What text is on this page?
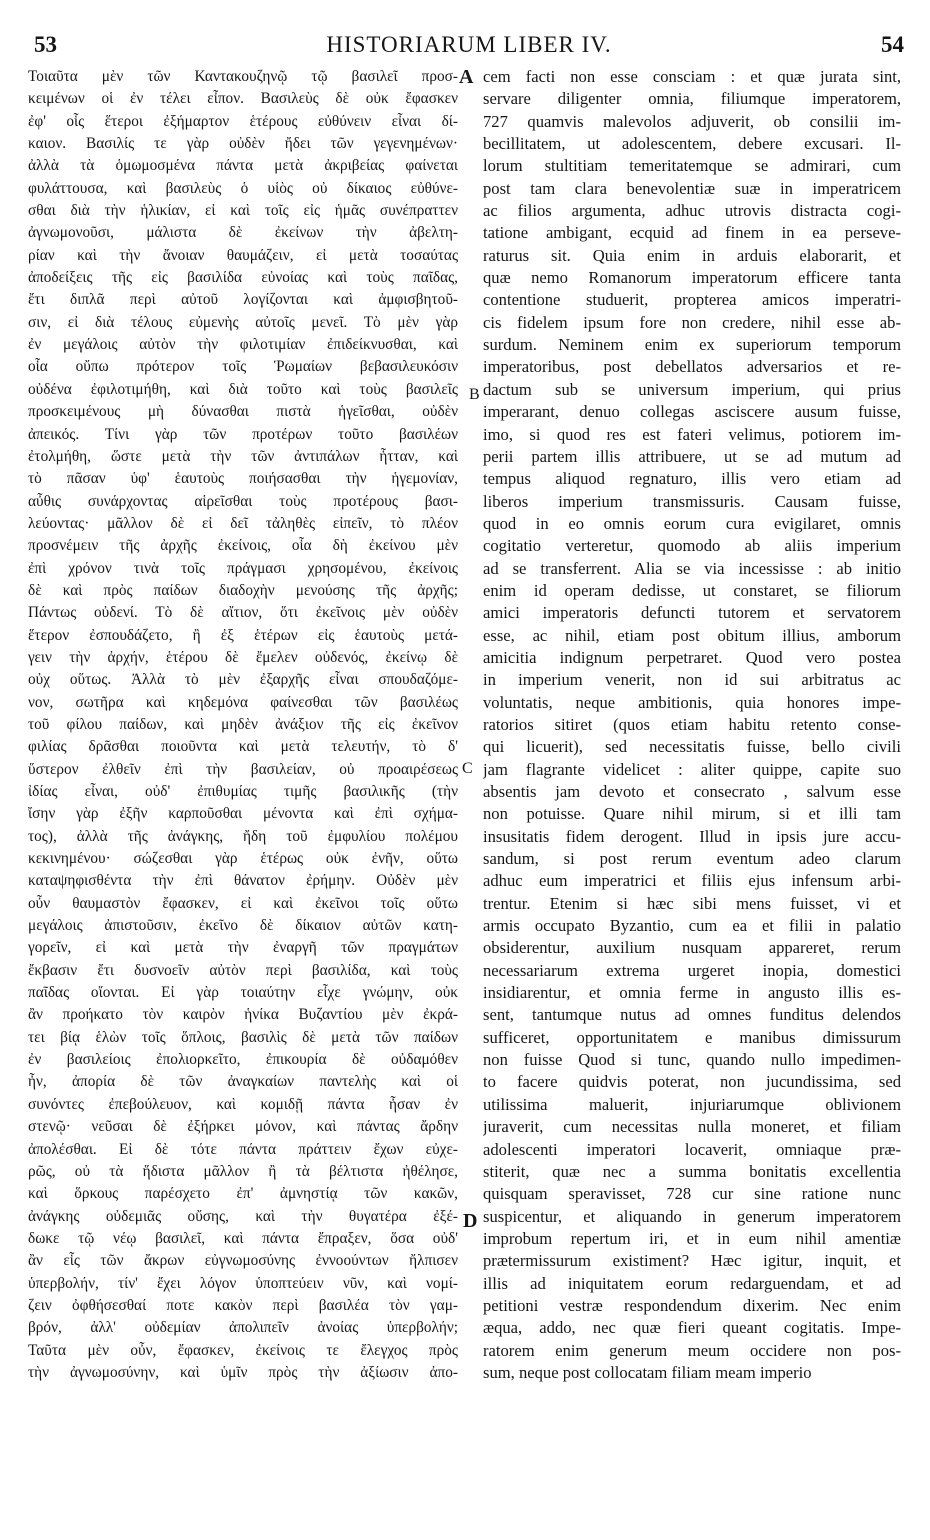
53	HISTORIARUM LIBER IV.	54
Τοιαῦτα μὲν τῶν Καντακουζηνῷ τῷ βασιλεῖ προσ-
κειμένων οἱ ἐν τέλει εἶπον. Βασιλεὺς δὲ οὐκ ἔφασκεν
ἐφ' οἷς ἕτεροι ἐξήμαρτον ἑτέρους εὐθύνειν εἶναι δί-
καιον. Βασιλίς τε γὰρ οὐδὲν ἤδει τῶν γεγενημένων·
ἀλλὰ τὰ ὁμωμοσμένα πάντα μετὰ ἀκριβείας φαίνεται
φυλάττουσα, καὶ βασιλεὺς ὁ υἱὸς οὐ δίκαιος εὐθύνε-
σθαι διὰ τὴν ἡλικίαν, εἰ καὶ τοῖς εἰς ἡμᾶς συνέπραττεν
ἀγνωμονοῦσι, μάλιστα δὲ ἐκείνων τὴν ἀβελτη-
ρίαν καὶ τὴν ἄνοιαν θαυμάζειν, εἰ μετὰ τοσαύτας
ἀποδείξεις τῆς εἰς βασιλίδα εὐνοίας καὶ τοὺς παῖδας,
ἔτι διπλᾶ περὶ αὐτοῦ λογίζονται καὶ ἀμφισβητοῦ-
σιν, εἰ διὰ τέλους εὐμενὴς αὐτοῖς μενεῖ. Τὸ μὲν γὰρ
ἐν μεγάλοις αὐτὸν τὴν φιλοτιμίαν ἐπιδείκνυσθαι, καὶ
οἷα οὔπω πρότερον τοῖς Ῥωμαίων βεβασιλευκόσιν
οὐδένα ἐφιλοτιμήθη, καὶ διὰ τοῦτο καὶ τοὺς βασιλεῖς
προσκειμένους μὴ δύνασθαι πιστὰ ἡγεῖσθαι, οὐδὲν
ἀπεικός. Τίνι γὰρ τῶν προτέρων τοῦτο βασιλέων
ἐτολμήθη, ὥστε μετὰ τὴν τῶν ἀντιπάλων ἧτταν, καὶ
τὸ πᾶσαν ὑφ' ἑαυτοὺς ποιήσασθαι τὴν ἡγεμονίαν,
αὖθις συνάρχοντας αἱρεῖσθαι τοὺς προτέρους βασι-
λεύοντας· μᾶλλον δὲ εἰ δεῖ τἀληθὲς εἰπεῖν, τὸ πλέον
προσνέμειν τῆς ἀρχῆς ἐκείνοις, οἷα δὴ ἐκείνου μὲν
ἐπὶ χρόνον τινὰ τοῖς πράγμασι χρησομένου, ἐκείνοις
δὲ καὶ πρὸς παίδων διαδοχὴν μενούσης τῆς ἀρχῆς;
Πάντως οὐδενί. Τὸ δὲ αἴτιον, ὅτι ἐκεῖνοις μὲν οὐδὲν
ἕτερον ἐσπουδάζετο, ἢ ἐξ ἑτέρων εἰς ἑαυτοὺς μετά-
γειν τὴν ἀρχήν, ἑτέρου δὲ ἔμελεν οὐδενός, ἐκείνῳ δὲ
οὐχ οὕτως. Ἀλλὰ τὸ μὲν ἐξαρχῆς εἶναι σπουδαζόμε-
νον, σωτῆρα καὶ κηδεμόνα φαίνεσθαι τῶν βασιλέως
τοῦ φίλου παίδων, καὶ μηδὲν ἀνάξιον τῆς εἰς ἐκεῖνον
φιλίας δρᾶσθαι ποιοῦντα καὶ μετὰ τελευτήν, τὸ δ'
ὕστερον ἐλθεῖν ἐπὶ τὴν βασιλείαν, οὐ προαιρέσεως
ἰδίας εἶναι, οὐδ' ἐπιθυμίας τιμῆς βασιλικῆς (τὴν
ἴσην γὰρ ἐξῆν καρποῦσθαι μένοντα καὶ ἐπὶ σχήμα-
τος), ἀλλὰ τῆς ἀνάγκης, ἤδη τοῦ ἐμφυλίου πολέμου
κεκινημένου· σώζεσθαι γὰρ ἑτέρως οὐκ ἐνῆν, οὕτω
καταψηφισθέντα τὴν ἐπὶ θάνατον ἐρήμην. Οὐδὲν μὲν
οὖν θαυμαστὸν ἔφασκεν, εἰ καὶ ἐκεῖνοι τοῖς οὕτω
μεγάλοις ἀπιστοῦσιν, ἐκεῖνο δὲ δίκαιον αὐτῶν κατη-
γορεῖν, εἰ καὶ μετὰ τὴν ἐναργῆ τῶν πραγμάτων
ἔκβασιν ἔτι δυσνοεῖν αὐτὸν περὶ βασιλίδα, καὶ τοὺς
παῖδας οἴονται. Εἰ γὰρ τοιαύτην εἶχε γνώμην, οὐκ
ἂν προήκατο τὸν καιρὸν ἡνίκα Βυζαντίου μὲν ἐκρά-
τει βίᾳ ἑλὼν τοῖς ὅπλοις, βασιλὶς δὲ μετὰ τῶν παίδων
ἐν βασιλείοις ἐπολιορκεῖτο, ἐπικουρία δὲ οὐδαμόθεν
ἦν, ἀπορία δὲ τῶν ἀναγκαίων παντελὴς καὶ οἱ
συνόντες ἐπεβούλευον, καὶ κομιδῇ πάντα ἦσαν ἐν
στενῷ· νεῦσαι δὲ ἐξήρκει μόνον, καὶ πάντας ἄρδην
ἀπολέσθαι. Εἰ δὲ τότε πάντα πράττειν ἔχων εὐχε-
ρῶς, οὐ τὰ ἥδιστα μᾶλλον ἢ τὰ βέλτιστα ἠθέλησε,
καὶ ὅρκους παρέσχετο ἐπ' ἀμνηστίᾳ τῶν κακῶν,
ἀνάγκης οὐδεμιᾶς οὔσης, καὶ τὴν θυγατέρα ἐξέ-
δωκε τῷ νέῳ βασιλεῖ, καὶ πάντα ἔπραξεν, ὅσα οὐδ'
ἂν εἷς τῶν ἄκρων εὐγνωμοσύνης ἐννοούντων ἤλπισεν
ὑπερβολήν, τίν' ἔχει λόγον ὑποπτεύειν νῦν, καὶ νομί-
ζειν ὀφθήσεσθαί ποτε κακὸν περὶ βασιλέα τὸν γαμ-
βρόν, ἀλλ' οὐδεμίαν ἀπολιπεῖν ἀνοίας ὑπερβολήν;
Ταῦτα μὲν οὖν, ἔφασκεν, ἐκείνοις τε ἔλεγχος πρὸς
τὴν ἀγνωμοσύνην, καὶ ὑμῖν πρὸς τὴν ἀξίωσιν ἀπο-
A
B
C
D
cem facti non esse consciam : et quæ jurata sint,
servare diligenter omnia, filiumque imperatorem,
727 quamvis malevolos adjuverit, ob consilii im-
becillitatem, ut adolescentem, debere excusari. Il-
lorum stultitiam temeritatemque se admirari, cum
post tam clara benevolentiæ suæ in imperatricem
ac filios argumenta, adhuc utrovis distracta cogi-
tatione ambigant, ecquid ad finem in ea perseve-
raturus sit. Quia enim in arduis elaborarit, et
quæ nemo Romanorum imperatorum efficere tanta
contentione studuerit, propterea amicos imperatri-
cis fidelem ipsum fore non credere, nihil esse ab-
surdum. Neminem enim ex superiorum temporum
imperatoribus, post debellatos adversarios et re-
dactum sub se universum imperium, qui prius
imperarant, denuo collegas asciscere ausum fuisse,
imo, si quod res est fateri velimus, potiorem im-
perii partem illis attribuere, ut se ad mutum ad
tempus aliquod regnaturo, illis vero etiam ad
liberos imperium transmissuris. Causam fuisse,
quod in eo omnis eorum cura evigilaret, omnis
cogitatio verteretur, quomodo ab aliis imperium
ad se transferrent. Alia se via incessisse : ab initio
enim id operam dedisse, ut constaret, se filiorum
amici imperatoris defuncti tutorem et servatorem
esse, ac nihil, etiam post obitum illius, amborum
amicitia indignum perpetraret. Quod vero postea
in imperium venerit, non id sui arbitratus ac
voluntatis, neque ambitionis, quia honores impe-
ratorios sitiret (quos etiam habitu retento conse-
qui licuerit), sed necessitatis fuisse, bello civili
jam flagrante videlicet : aliter quippe, capite suo
absentis jam devoto et consecrato , salvum esse
non potuisse. Quare nihil mirum, si et illi tam
insusitatis fidem derogent. Illud in ipsis jure accu-
sandum, si post rerum eventum adeo clarum
adhuc eum imperatrici et filiis ejus infensum arbi-
trentur. Etenim si hæc sibi mens fuisset, vi et
armis occupato Byzantio, cum ea et filii in palatio
obsiderentur, auxilium nusquam appareret, rerum
necessariarum extrema urgeret inopia, domestici
insidiarentur, et omnia ferme in angusto illis es-
sent, tantumque nutus ad omnes funditus delendos
sufficeret, opportunitatem e manibus dimissurum
non fuisse Quod si tunc, quando nullo impedimen-
to facere quidvis poterat, non jucundissima, sed
utilissima maluerit, injuriarumque oblivionem
juraverit, cum necessitas nulla moneret, et filiam
adolescenti imperatori locaverit, omniaque præ-
stiterit, quæ nec a summa bonitatis excellentia
quisquam speravisset, 728 cur sine ratione nunc
suspicentur, et aliquando in generum imperatorem
improbum repertum iri, et in eum nihil amentiæ
prætermissurum existiment? Hæc igitur, inquit, et
illis ad iniquitatem eorum redarguendam, et ad
petitioni vestræ respondendum dixerim. Nec enim
æqua, addo, nec quæ fieri queant cogitatis. Impe-
ratorem enim generum meum occidere non pos-
sum, neque post collocatam filiam meam imperio
